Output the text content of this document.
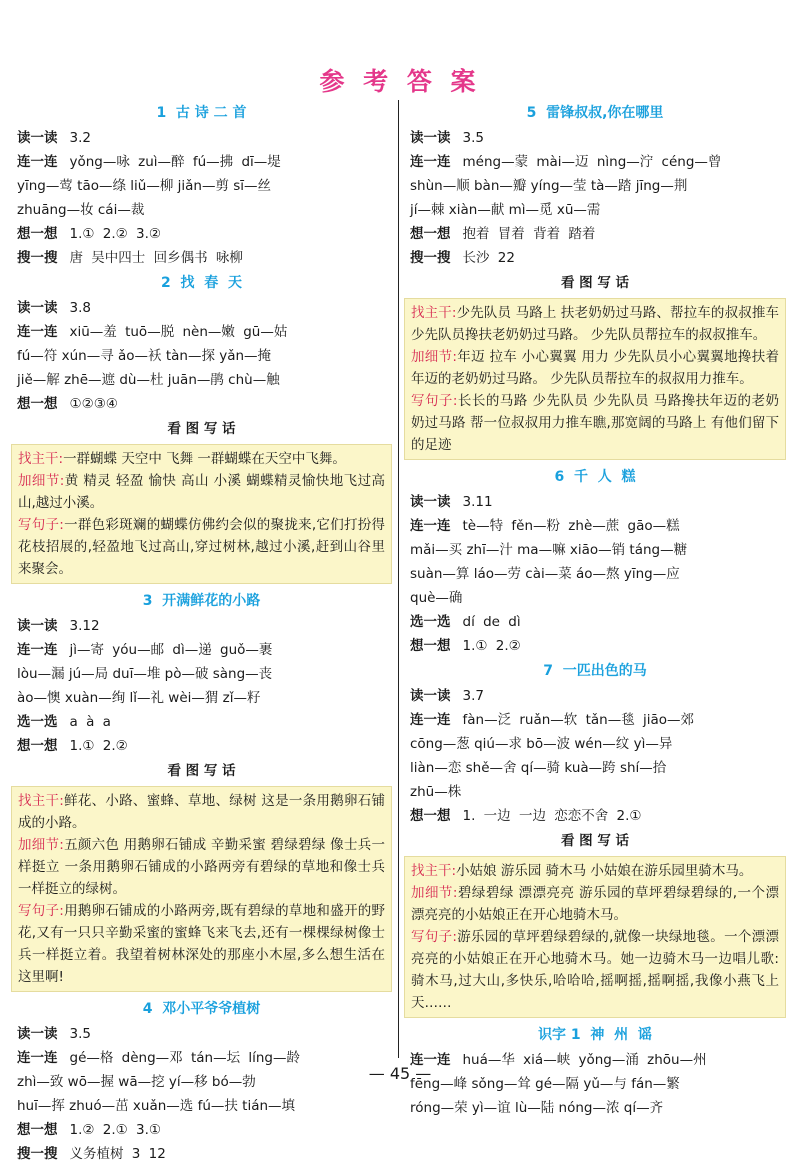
参 考 答 案
1  古 诗 二 首
读一读 3.2
连一连 yǒng—咏 zuì—醉 fú—拂 dī—堤
yīng—莺 tāo—绦 liǔ—柳 jiǎn—剪 sī—丝
zhuāng—妆 cái—裁
想一想 1.① 2.② 3.②
搜一搜 唐 吴中四士 回乡偶书 咏柳
2  找  春  天
读一读 3.8
连一连 xiū—羞 tuō—脱 nèn—嫩 gū—姑
fú—符 xún—寻 ǎo—袄 tàn—探 yǎn—掩
jiě—解 zhē—遮 dù—杜 juān—鹃 chù—触
想一想 ①②③④
看 图 写 话

找主干:一群蝴蝶 天空中 飞舞 一群蝴蝶在天空中飞舞。

加细节:黄 精灵 轻盈 愉快 高山 小溪 蝴蝶精灵愉快地飞过高山,越过小溪。

写句子:一群色彩斑斓的蝴蝶仿佛约会似的聚拢来,它们打扮得花枝招展的,轻盈地飞过高山,穿过树林,越过小溪,赶到山谷里来聚会。

3  开满鲜花的小路
读一读 3.12
连一连 jì—寄 yóu—邮 dì—递 guǒ—裹
lòu—漏 jú—局 duī—堆 pò—破 sàng—丧
ào—懊 xuàn—绚 lǐ—礼 wèi—猬 zǐ—籽
选一选 a à a
想一想 1.① 2.②
看 图 写 话

找主干:鲜花、小路、蜜蜂、草地、绿树 这是一条用鹅卵石铺成的小路。

加细节:五颜六色 用鹅卵石铺成 辛勤采蜜 碧绿碧绿 像士兵一样挺立 一条用鹅卵石铺成的小路两旁有碧绿的草地和像士兵一样挺立的绿树。

写句子:用鹅卵石铺成的小路两旁,既有碧绿的草地和盛开的野花,又有一只只辛勤采蜜的蜜蜂飞来飞去,还有一棵棵绿树像士兵一样挺立着。我望着树林深处的那座小木屋,多么想生活在这里啊!

4  邓小平爷爷植树
读一读 3.5
连一连 gé—格 dèng—邓 tán—坛 líng—龄
zhì—致 wō—握 wā—挖 yí—移 bó—勃
huī—挥 zhuó—茁 xuǎn—选 fú—扶 tián—填
想一想 1.② 2.① 3.①
搜一搜 义务植树 3 12
5  雷锋叔叔,你在哪里
读一读 3.5
连一连 méng—蒙 mài—迈 nìng—泞 céng—曾
shùn—顺 bàn—瓣 yíng—莹 tà—踏 jīng—荆
jí—棘 xiàn—献 mì—觅 xū—需
想一想 抱着 冒着 背着 踏着
搜一搜 长沙 22
看 图 写 话

找主干:少先队员 马路上 扶老奶奶过马路、帮拉车的叔叔推车 少先队员搀扶老奶奶过马路。 少先队员帮拉车的叔叔推车。

加细节:年迈 拉车 小心翼翼 用力 少先队员小心翼翼地搀扶着年迈的老奶奶过马路。 少先队员帮拉车的叔叔用力推车。

写句子:长长的马路 少先队员 少先队员 马路搀扶年迈的老奶奶过马路 帮一位叔叔用力推车瞧,那宽阔的马路上 有他们留下的足迹

6  千  人  糕
读一读 3.11
连一连 tè—特 fěn—粉 zhè—蔗 gāo—糕
mǎi—买 zhī—汁 ma—嘛 xiāo—销 táng—糖
suàn—算 láo—劳 cài—菜 áo—熬 yīng—应
què—确
选一选 dí de dì
想一想 1.① 2.②
7  一匹出色的马
读一读 3.7
连一连 fàn—泛 ruǎn—软 tǎn—毯 jiāo—郊
cōng—葱 qiú—求 bō—波 wén—纹 yì—异
liàn—恋 shě—舍 qí—骑 kuà—跨 shí—拾
zhū—株
想一想 1. 一边 一边 恋恋不舍 2.①
看 图 写 话

找主干:小姑娘 游乐园 骑木马 小姑娘在游乐园里骑木马。

加细节:碧绿碧绿 漂漂亮亮 游乐园的草坪碧绿碧绿的,一个漂漂亮亮的小姑娘正在开心地骑木马。

写句子:游乐园的草坪碧绿碧绿的,就像一块绿地毯。一个漂漂亮亮的小姑娘正在开心地骑木马。她一边骑木马一边唱儿歌:骑木马,过大山,多快乐,哈哈哈,摇啊摇,摇啊摇,我像小燕飞上天……

识字 1  神  州  谣
连一连 huá—华 xiá—峡 yǒng—涌 zhōu—州
fēng—峰 sǒng—耸 gé—隔 yǔ—与 fán—繁
róng—荣 yì—谊 lù—陆 nóng—浓 qí—齐
— 45 —
